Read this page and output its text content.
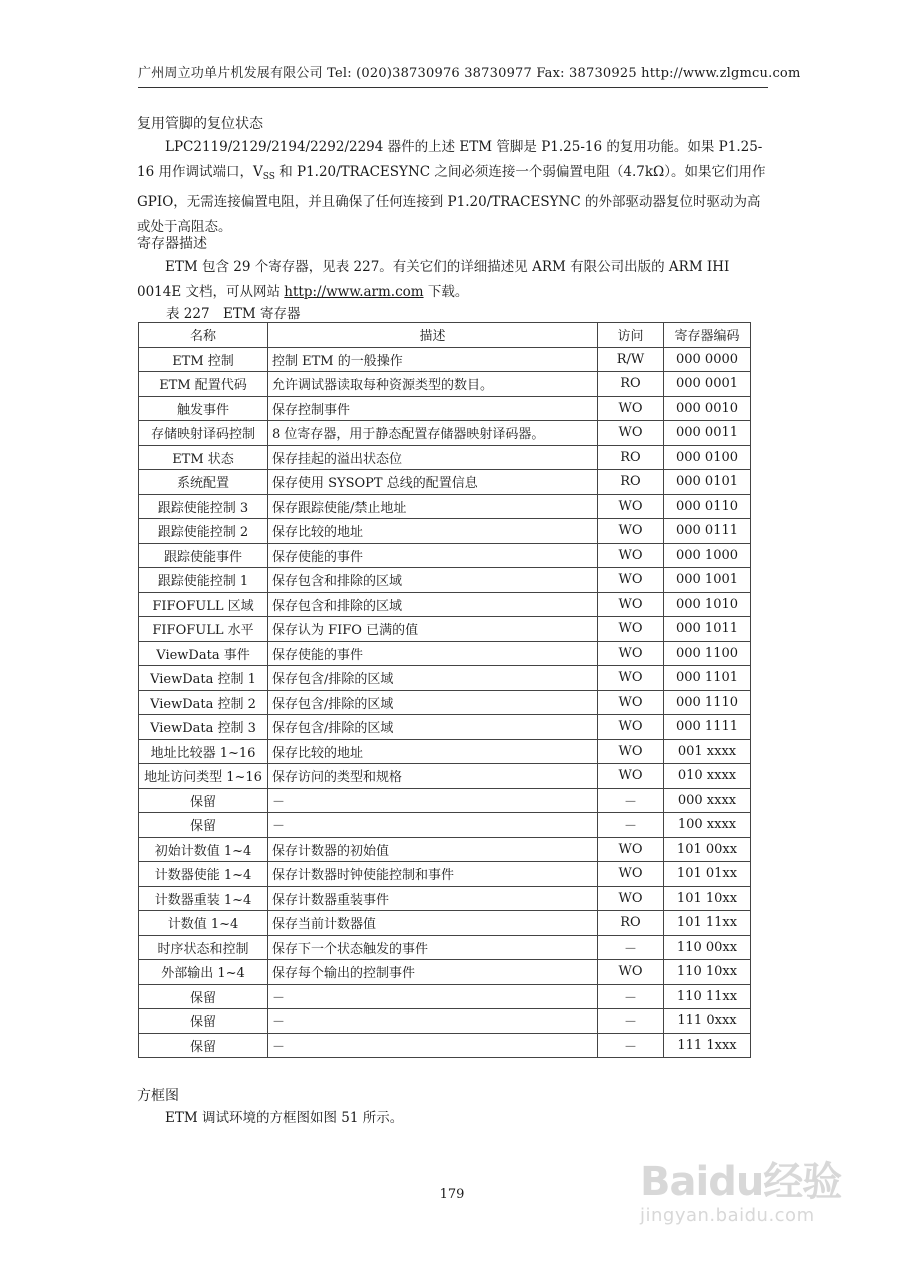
广州周立功单片机发展有限公司 Tel: (020)38730976 38730977 Fax: 38730925 http://www.zlgmcu.com
复用管脚的复位状态
LPC2119/2129/2194/2292/2294 器件的上述 ETM 管脚是 P1.25-16 的复用功能。如果 P1.25-16 用作调试端口，$V_{SS}$ 和 P1.20/TRACESYNC 之间必须连接一个弱偏置电阻（4.7kΩ）。如果它们用作 GPIO，无需连接偏置电阻，并且确保了任何连接到 P1.20/TRACESYNC 的外部驱动器复位时驱动为高或处于高阻态。
寄存器描述
ETM 包含 29 个寄存器，见表 227。有关它们的详细描述见 ARM 有限公司出版的 ARM IHI 0014E 文档，可从网站 http://www.arm.com 下载。
表 227　ETM 寄存器
名称	描述	访问	寄存器编码
ETM 控制	控制 ETM 的一般操作	R/W	000 0000
ETM 配置代码	允许调试器读取每种资源类型的数目。	RO	000 0001
触发事件	保存控制事件	WO	000 0010
存储映射译码控制	8 位寄存器，用于静态配置存储器映射译码器。	WO	000 0011
ETM 状态	保存挂起的溢出状态位	RO	000 0100
系统配置	保存使用 SYSOPT 总线的配置信息	RO	000 0101
跟踪使能控制 3	保存跟踪使能/禁止地址	WO	000 0110
跟踪使能控制 2	保存比较的地址	WO	000 0111
跟踪使能事件	保存使能的事件	WO	000 1000
跟踪使能控制 1	保存包含和排除的区域	WO	000 1001
FIFOFULL 区域	保存包含和排除的区域	WO	000 1010
FIFOFULL 水平	保存认为 FIFO 已满的值	WO	000 1011
ViewData 事件	保存使能的事件	WO	000 1100
ViewData 控制 1	保存包含/排除的区域	WO	000 1101
ViewData 控制 2	保存包含/排除的区域	WO	000 1110
ViewData 控制 3	保存包含/排除的区域	WO	000 1111
地址比较器 1~16	保存比较的地址	WO	001 xxxx
地址访问类型 1~16	保存访问的类型和规格	WO	010 xxxx
保留	－	－	000 xxxx
保留	－	－	100 xxxx
初始计数值 1~4	保存计数器的初始值	WO	101 00xx
计数器使能 1~4	保存计数器时钟使能控制和事件	WO	101 01xx
计数器重装 1~4	保存计数器重装事件	WO	101 10xx
计数值 1~4	保存当前计数器值	RO	101 11xx
时序状态和控制	保存下一个状态触发的事件	－	110 00xx
外部输出 1~4	保存每个输出的控制事件	WO	110 10xx
保留	－	－	110 11xx
保留	－	－	111 0xxx
保留	－	－	111 1xxx
方框图
ETM 调试环境的方框图如图 51 所示。
179	Baidu经验
jingyan.baidu.com
